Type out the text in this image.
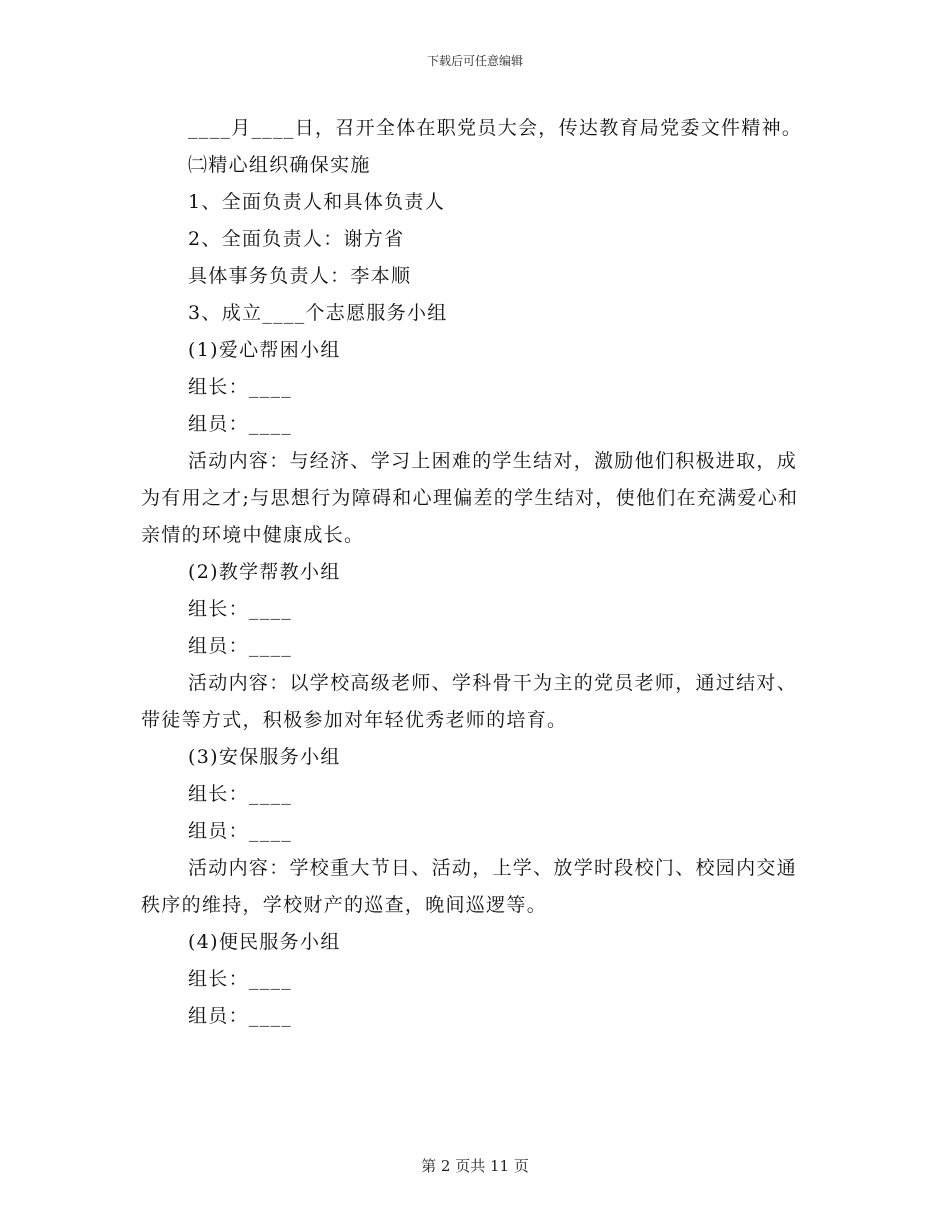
下载后可任意编辑

____月____日，召开全体在职党员大会，传达教育局党委文件精神。

㈡精心组织确保实施

1、全面负责人和具体负责人

2、全面负责人：谢方省

具体事务负责人：李本顺

3、成立____个志愿服务小组

(1)爱心帮困小组

组长：____

组员：____

活动内容：与经济、学习上困难的学生结对，激励他们积极进取，成为有用之才;与思想行为障碍和心理偏差的学生结对，使他们在充满爱心和亲情的环境中健康成长。

(2)教学帮教小组

组长：____

组员：____

活动内容：以学校高级老师、学科骨干为主的党员老师，通过结对、带徒等方式，积极参加对年轻优秀老师的培育。

(3)安保服务小组

组长：____

组员：____

活动内容：学校重大节日、活动，上学、放学时段校门、校园内交通秩序的维持，学校财产的巡查，晚间巡逻等。

(4)便民服务小组

组长：____

组员：____

第 2 页共 11 页
